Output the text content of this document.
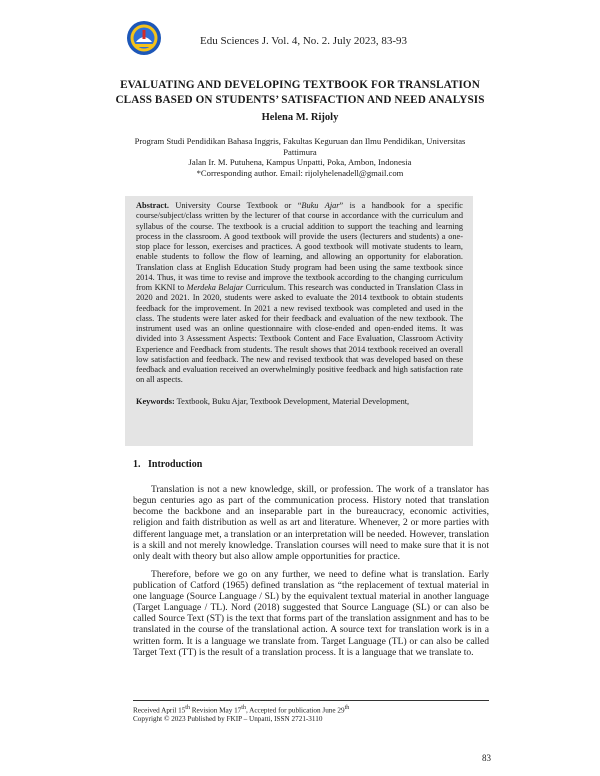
Edu Sciences J. Vol. 4, No. 2. July 2023, 83-93
EVALUATING AND DEVELOPING TEXTBOOK FOR TRANSLATION
CLASS BASED ON STUDENTS’ SATISFACTION AND NEED ANALYSIS
Helena M. Rijoly

Program Studi Pendidikan Bahasa Inggris, Fakultas Keguruan dan Ilmu Pendidikan, Universitas Pattimura

Jalan Ir. M. Putuhena, Kampus Unpatti, Poka, Ambon, Indonesia

*Corresponding author. Email: rijolyhelenadell@gmail.com

Abstract. University Course Textbook or “Buku Ajar” is a handbook for a specific course/subject/class written by the lecturer of that course in accordance with the curriculum and syllabus of the course. The textbook is a crucial addition to support the teaching and learning process in the classroom. A good textbook will provide the users (lecturers and students) a one-stop place for lesson, exercises and practices. A good textbook will motivate students to learn, enable students to follow the flow of learning, and allowing an opportunity for elaboration. Translation class at English Education Study program had been using the same textbook since 2014. Thus, it was time to revise and improve the textbook according to the changing curriculum from KKNI to Merdeka Belajar Curriculum. This research was conducted in Translation Class in 2020 and 2021. In 2020, students were asked to evaluate the 2014 textbook to obtain students feedback for the improvement. In 2021 a new revised textbook was completed and used in the class. The students were later asked for their feedback and evaluation of the new textbook. The instrument used was an online questionnaire with close-ended and open-ended items. It was divided into 3 Assessment Aspects: Textbook Content and Face Evaluation, Classroom Activity Experience and Feedback from students. The result shows that 2014 textbook received an overall low satisfaction and feedback. The new and revised textbook that was developed based on these feedback and evaluation received an overwhelmingly positive feedback and high satisfaction rate on all aspects.

Keywords: Textbook, Buku Ajar, Textbook Development, Material Development,

1. Introduction

Translation is not a new knowledge, skill, or profession. The work of a translator has begun centuries ago as part of the communication process. History noted that translation become the backbone and an inseparable part in the bureaucracy, economic activities, religion and faith distribution as well as art and literature. Whenever, 2 or more parties with different language met, a translation or an interpretation will be needed. However, translation is a skill and not merely knowledge. Translation courses will need to make sure that it is not only dealt with theory but also allow ample opportunities for practice.

Therefore, before we go on any further, we need to define what is translation. Early publication of Catford (1965) defined translation as “the replacement of textual material in one language (Source Language / SL) by the equivalent textual material in another language (Target Language / TL). Nord (2018) suggested that Source Language (SL) or can also be called Source Text (ST) is the text that forms part of the translation assignment and has to be translated in the course of the translational action. A source text for translation work is in a written form. It is a language we translate from. Target Language (TL) or can also be called Target Text (TT) is the result of a translation process. It is a language that we translate to.

Received April 15th Revision May 17th, Accepted for publication June 29th

Copyright © 2023 Published by FKIP – Unpatti, ISSN 2721-3110

83
